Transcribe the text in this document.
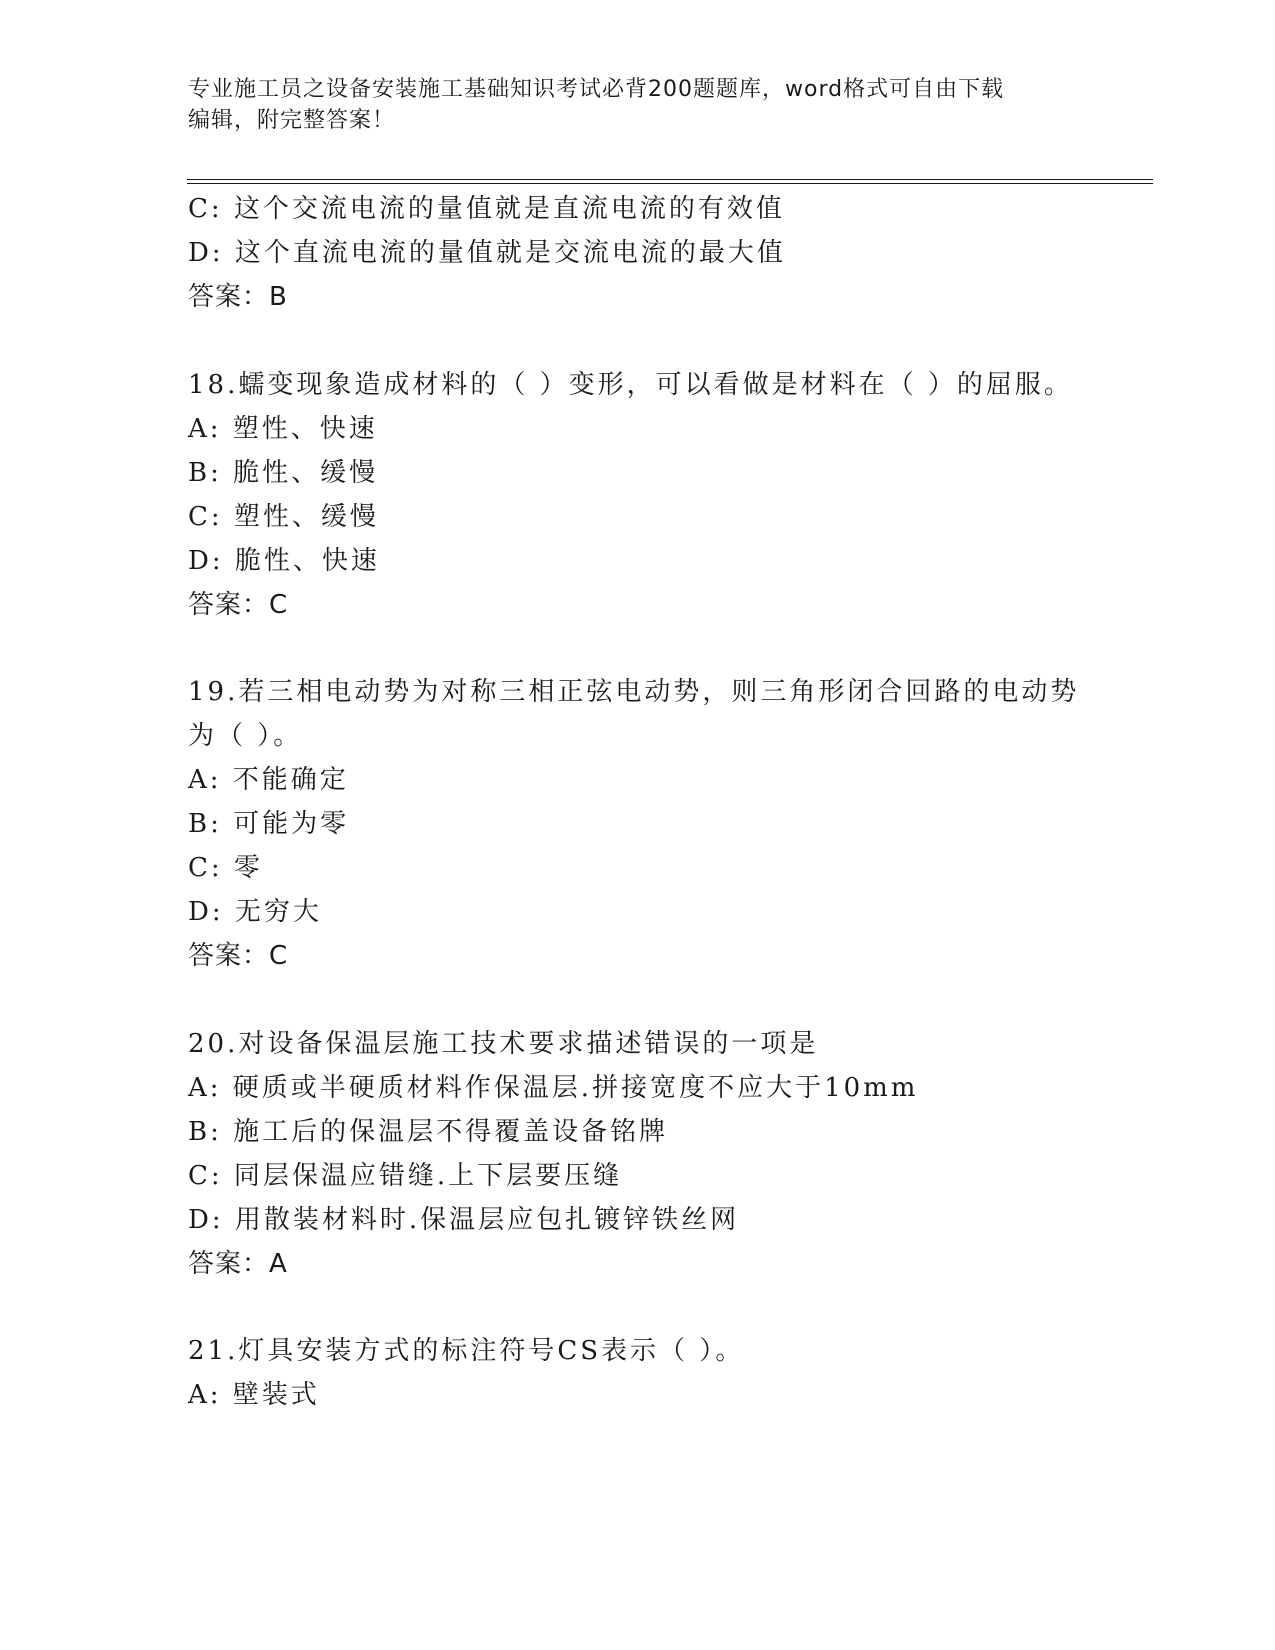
专业施工员之设备安装施工基础知识考试必背200题题库，word格式可自由下载
编辑，附完整答案！
C: 这个交流电流的量值就是直流电流的有效值
D: 这个直流电流的量值就是交流电流的最大值
答案：B
18.蠕变现象造成材料的（ ）变形，可以看做是材料在（ ）的屈服。
A: 塑性、快速
B: 脆性、缓慢
C: 塑性、缓慢
D: 脆性、快速
答案：C
19.若三相电动势为对称三相正弦电动势，则三角形闭合回路的电动势
为（ ）。
A: 不能确定
B: 可能为零
C: 零
D: 无穷大
答案：C
20.对设备保温层施工技术要求描述错误的一项是
A: 硬质或半硬质材料作保温层.拼接宽度不应大于10mm
B: 施工后的保温层不得覆盖设备铭牌
C: 同层保温应错缝.上下层要压缝
D: 用散装材料时.保温层应包扎镀锌铁丝网
答案：A
21.灯具安装方式的标注符号CS表示（ ）。
A: 壁装式
